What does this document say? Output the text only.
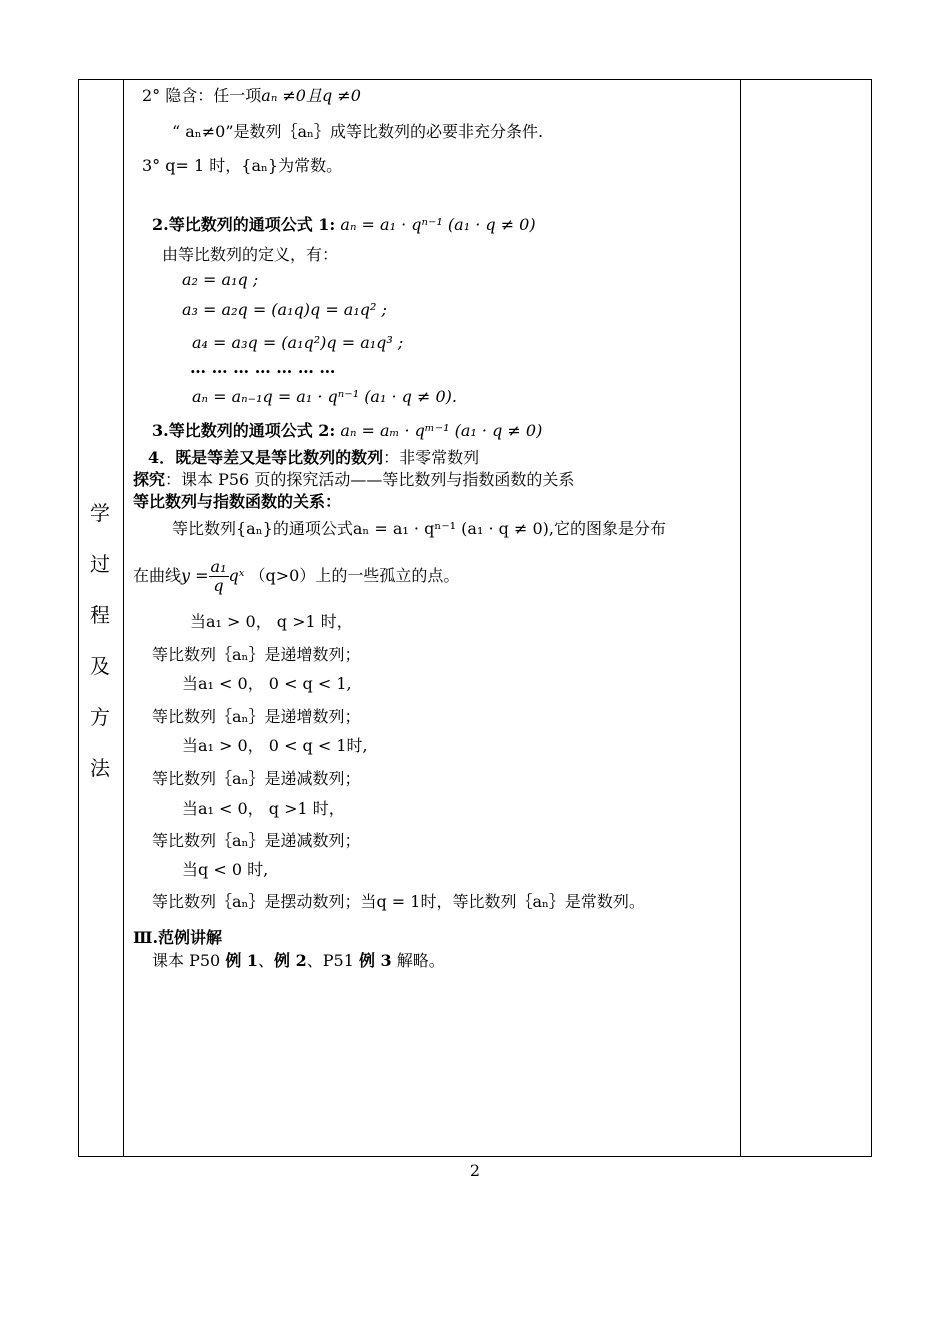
学
过
程
及
方
法
2° 隐含：任一项aₙ ≠0且q ≠0
“ aₙ≠0”是数列｛aₙ｝成等比数列的必要非充分条件.
3° q= 1 时，{aₙ}为常数。
2.等比数列的通项公式 1: aₙ = a₁ · qⁿ⁻¹ (a₁ · q ≠ 0)
由等比数列的定义，有：
a₂ = a₁q ;
a₃ = a₂q = (a₁q)q = a₁q² ;
a₄ = a₃q = (a₁q²)q = a₁q³ ;
… … … … … … …
aₙ = aₙ₋₁q = a₁ · qⁿ⁻¹ (a₁ · q ≠ 0).
3.等比数列的通项公式 2: aₙ = aₘ · qᵐ⁻¹ (a₁ · q ≠ 0)
4．既是等差又是等比数列的数列：非零常数列
探究：课本 P56 页的探究活动——等比数列与指数函数的关系
等比数列与指数函数的关系：
等比数列{aₙ}的通项公式aₙ = a₁ · qⁿ⁻¹ (a₁ · q ≠ 0),它的图象是分布
在曲线$y = \frac{\text{a₁}}{q}$ qˣ （q>0）上的一些孤立的点。
当a₁ > 0， q >1 时，
等比数列｛aₙ｝是递增数列；
当a₁ < 0， 0 < q < 1,
等比数列｛aₙ｝是递增数列；
当a₁ > 0， 0 < q < 1时,
等比数列｛aₙ｝是递减数列；
当a₁ < 0， q >1 时，
等比数列｛aₙ｝是递减数列；
当q < 0 时,
等比数列｛aₙ｝是摆动数列；当q = 1时，等比数列｛aₙ｝是常数列。
Ⅲ.范例讲解
课本 P50 例 1、例 2、P51 例 3 解略。
2
